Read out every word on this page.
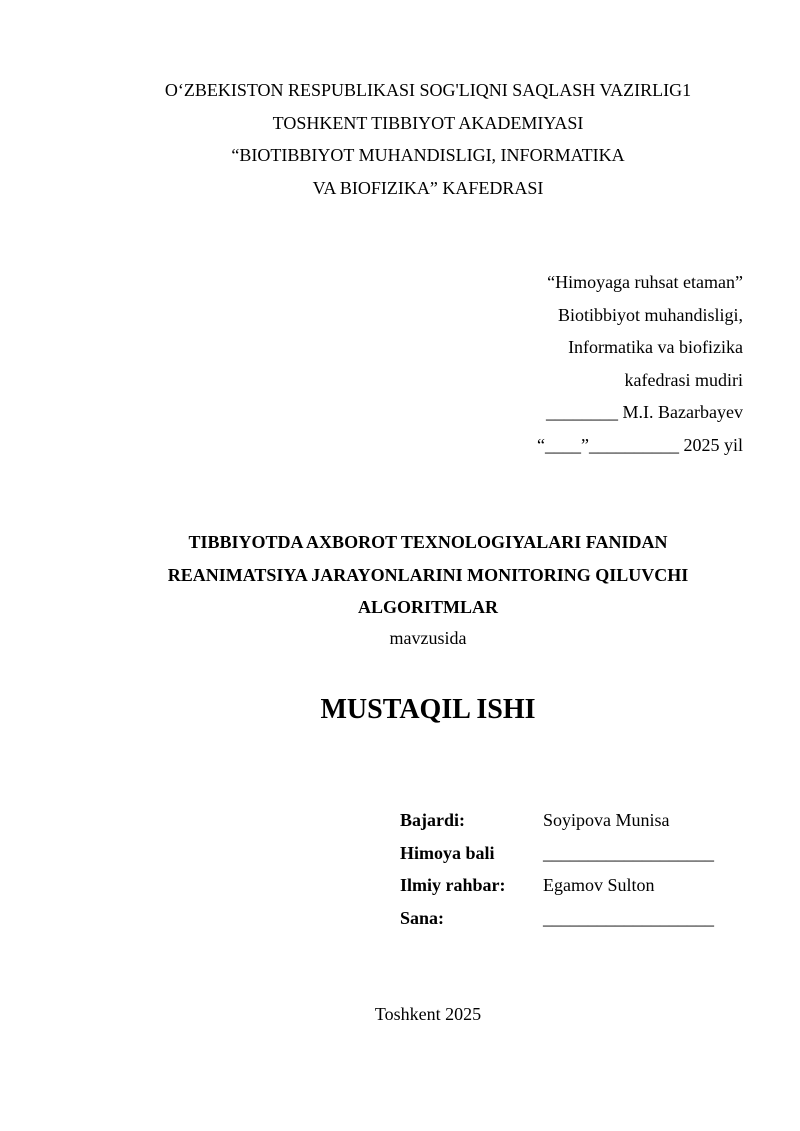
O‘ZBEKISTON RESPUBLIKASI SOG'LIQNI SAQLASH VAZIRLIG1
TOSHKENT TIBBIYOT AKADEMIYASI
“BIOTIBBIYOT MUHANDISLIGI, INFORMATIKA
VA BIOFIZIKA” KAFEDRASI
“Himoyaga ruhsat etaman”
Biotibbiyot muhandisligi,
Informatika va biofizika
kafedrasi mudiri
________ M.I. Bazarbayev
“____”__________ 2025 yil
TIBBIYOTDA AXBOROT TEXNOLOGIYALARI FANIDAN
REANIMATSIYA JARAYONLARINI MONITORING QILUVCHI
ALGORITMLAR
mavzusida
MUSTAQIL ISHI
Bajardi:	Soyipova Munisa
Himoya bali	___________________
Ilmiy rahbar:	Egamov Sulton
Sana:	___________________
Toshkent 2025
